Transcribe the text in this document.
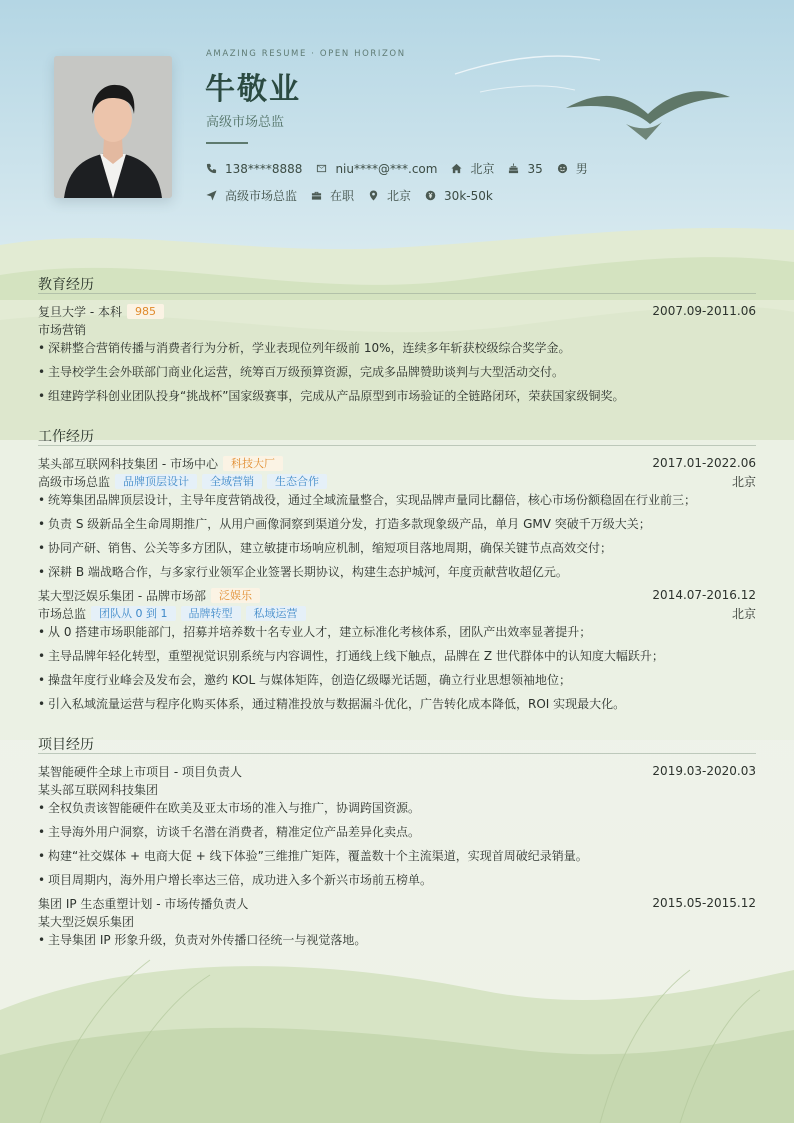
AMAZING RESUME · OPEN HORIZON
牛敬业
高级市场总监
138****8888	niu****@***.com	北京	35	男
高级市场总监	在职	北京	30k-50k
教育经历
复旦大学 - 本科	985	2007.09-2011.06
市场营销
• 深耕整合营销传播与消费者行为分析，学业表现位列年级前 10%，连续多年斩获校级综合奖学金。
• 主导校学生会外联部门商业化运营，统筹百万级预算资源，完成多品牌赞助谈判与大型活动交付。
• 组建跨学科创业团队投身“挑战杯”国家级赛事，完成从产品原型到市场验证的全链路闭环，荣获国家级铜奖。
工作经历
某头部互联网科技集团 - 市场中心	科技大厂	2017.01-2022.06
高级市场总监	品牌顶层设计	全域营销	生态合作	北京
• 统筹集团品牌顶层设计，主导年度营销战役，通过全域流量整合，实现品牌声量同比翻倍，核心市场份额稳固在行业前三；
• 负责 S 级新品全生命周期推广，从用户画像洞察到渠道分发，打造多款现象级产品，单月 GMV 突破千万级大关；
• 协同产研、销售、公关等多方团队，建立敏捷市场响应机制，缩短项目落地周期，确保关键节点高效交付；
• 深耕 B 端战略合作，与多家行业领军企业签署长期协议，构建生态护城河，年度贡献营收超亿元。
某大型泛娱乐集团 - 品牌市场部	泛娱乐	2014.07-2016.12
市场总监	团队从 0 到 1	品牌转型	私域运营	北京
• 从 0 搭建市场职能部门，招募并培养数十名专业人才，建立标准化考核体系，团队产出效率显著提升；
• 主导品牌年轻化转型，重塑视觉识别系统与内容调性，打通线上线下触点，品牌在 Z 世代群体中的认知度大幅跃升；
• 操盘年度行业峰会及发布会，邀约 KOL 与媒体矩阵，创造亿级曝光话题，确立行业思想领袖地位；
• 引入私域流量运营与程序化购买体系，通过精准投放与数据漏斗优化，广告转化成本降低，ROI 实现最大化。
项目经历
某智能硬件全球上市项目 - 项目负责人	2019.03-2020.03
某头部互联网科技集团
• 全权负责该智能硬件在欧美及亚太市场的准入与推广，协调跨国资源。
• 主导海外用户洞察，访谈千名潜在消费者，精准定位产品差异化卖点。
• 构建“社交媒体 + 电商大促 + 线下体验”三维推广矩阵，覆盖数十个主流渠道，实现首周破纪录销量。
• 项目周期内，海外用户增长率达三倍，成功进入多个新兴市场前五榜单。
集团 IP 生态重塑计划 - 市场传播负责人	2015.05-2015.12
某大型泛娱乐集团
• 主导集团 IP 形象升级，负责对外传播口径统一与视觉落地。
